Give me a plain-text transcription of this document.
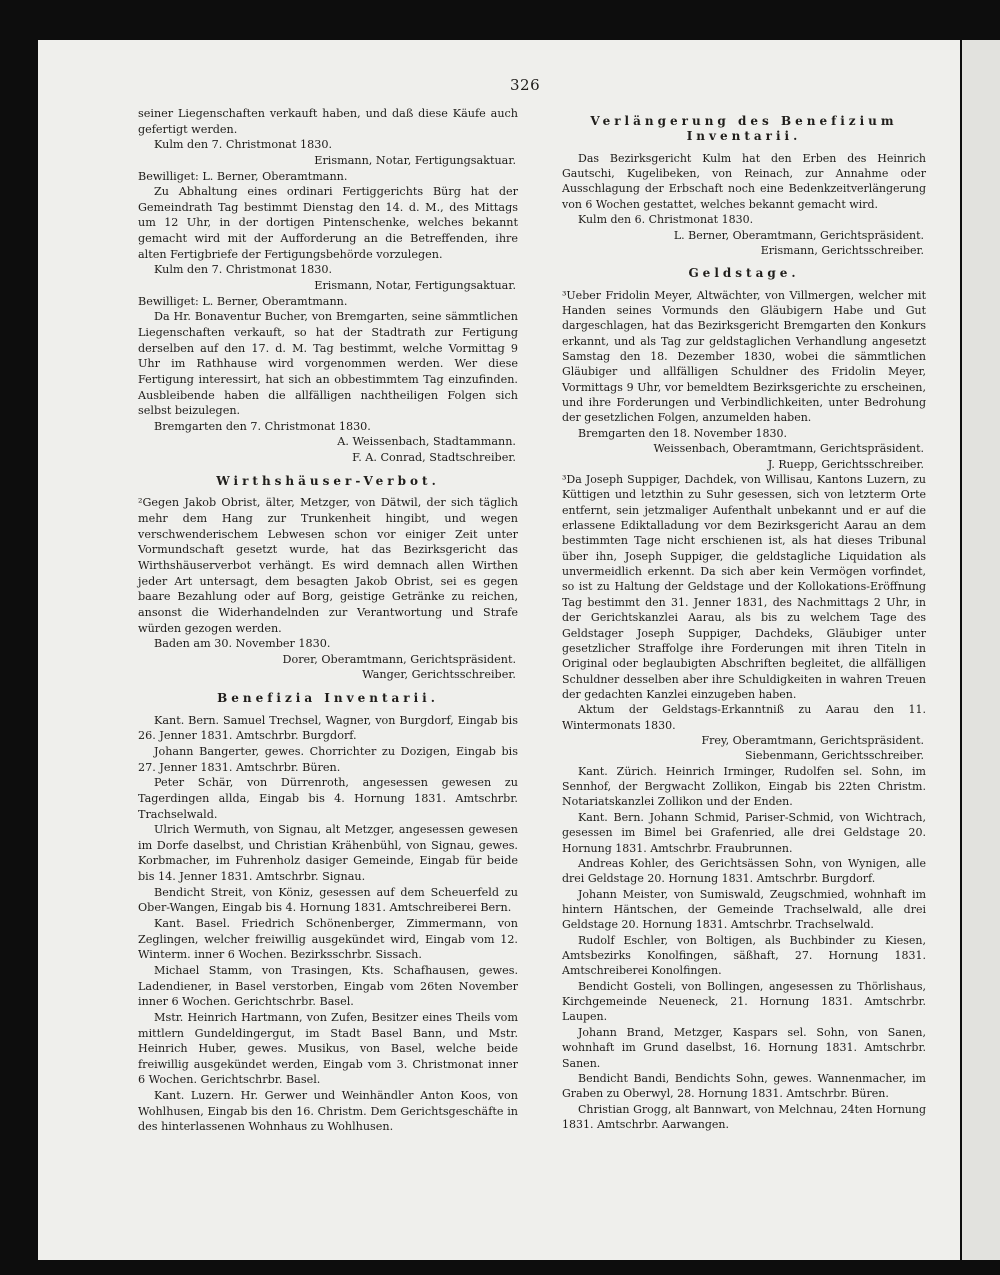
326

seiner Liegenschaften verkauft haben, und daß diese Käufe auch gefertigt werden.

Kulm den 7. Christmonat 1830.

Erismann, Notar, Fertigungsaktuar.

Bewilliget: L. Berner, Oberamtmann.

Zu Abhaltung eines ordinari Fertiggerichts Bürg hat der Gemeindrath Tag bestimmt Dienstag den 14. d. M., des Mittags um 12 Uhr, in der dortigen Pintenschenke, welches bekannt gemacht wird mit der Aufforderung an die Betreffenden, ihre alten Fertigbriefe der Fertigungsbehörde vorzulegen.

Kulm den 7. Christmonat 1830.

Erismann, Notar, Fertigungsaktuar.

Bewilliget: L. Berner, Oberamtmann.

Da Hr. Bonaventur Bucher, von Bremgarten, seine sämmtlichen Liegenschaften verkauft, so hat der Stadtrath zur Fertigung derselben auf den 17. d. M. Tag bestimmt, welche Vormittag 9 Uhr im Rathhause wird vorgenommen werden. Wer diese Fertigung interessirt, hat sich an obbestimmtem Tag einzufinden. Ausbleibende haben die allfälligen nachtheiligen Folgen sich selbst beizulegen.

Bremgarten den 7. Christmonat 1830.

A. Weissenbach, Stadtammann.

F. A. Conrad, Stadtschreiber.

Wirthshäuser-Verbot.

²Gegen Jakob Obrist, älter, Metzger, von Dätwil, der sich täglich mehr dem Hang zur Trunkenheit hingibt, und wegen verschwenderischem Lebwesen schon vor einiger Zeit unter Vormundschaft gesetzt wurde, hat das Bezirksgericht das Wirthshäuserverbot verhängt. Es wird demnach allen Wirthen jeder Art untersagt, dem besagten Jakob Obrist, sei es gegen baare Bezahlung oder auf Borg, geistige Getränke zu reichen, ansonst die Widerhandelnden zur Verantwortung und Strafe würden gezogen werden.

Baden am 30. November 1830.

Dorer, Oberamtmann, Gerichtspräsident.

Wanger, Gerichtsschreiber.

Benefizia Inventarii.

Kant. Bern. Samuel Trechsel, Wagner, von Burgdorf, Eingab bis 26. Jenner 1831. Amtschrbr. Burgdorf.

Johann Bangerter, gewes. Chorrichter zu Dozigen, Eingab bis 27. Jenner 1831. Amtschrbr. Büren.

Peter Schär, von Dürrenroth, angesessen gewesen zu Tagerdingen allda, Eingab bis 4. Hornung 1831. Amtschrbr. Trachselwald.

Ulrich Wermuth, von Signau, alt Metzger, angesessen gewesen im Dorfe daselbst, und Christian Krähenbühl, von Signau, gewes. Korbmacher, im Fuhrenholz dasiger Gemeinde, Eingab für beide bis 14. Jenner 1831. Amtschrbr. Signau.

Bendicht Streit, von Köniz, gesessen auf dem Scheuerfeld zu Ober-Wangen, Eingab bis 4. Hornung 1831. Amtschreiberei Bern.

Kant. Basel. Friedrich Schönenberger, Zimmermann, von Zeglingen, welcher freiwillig ausgekündet wird, Eingab vom 12. Winterm. inner 6 Wochen. Bezirksschrbr. Sissach.

Michael Stamm, von Trasingen, Kts. Schafhausen, gewes. Ladendiener, in Basel verstorben, Eingab vom 26ten November inner 6 Wochen. Gerichtschrbr. Basel.

Mstr. Heinrich Hartmann, von Zufen, Besitzer eines Theils vom mittlern Gundeldingergut, im Stadt Basel Bann, und Mstr. Heinrich Huber, gewes. Musikus, von Basel, welche beide freiwillig ausgekündet werden, Eingab vom 3. Christmonat inner 6 Wochen. Gerichtschrbr. Basel.

Kant. Luzern. Hr. Gerwer und Weinhändler Anton Koos, von Wohlhusen, Eingab bis den 16. Christm. Dem Gerichtsgeschäfte in des hinterlassenen Wohnhaus zu Wohlhusen.

Verlängerung des Benefizium Inventarii.

Das Bezirksgericht Kulm hat den Erben des Heinrich Gautschi, Kugelibeken, von Reinach, zur Annahme oder Ausschlagung der Erbschaft noch eine Bedenkzeitverlängerung von 6 Wochen gestattet, welches bekannt gemacht wird.

Kulm den 6. Christmonat 1830.

L. Berner, Oberamtmann, Gerichtspräsident.

Erismann, Gerichtsschreiber.

Geldstage.

³Ueber Fridolin Meyer, Altwächter, von Villmergen, welcher mit Handen seines Vormunds den Gläubigern Habe und Gut dargeschlagen, hat das Bezirksgericht Bremgarten den Konkurs erkannt, und als Tag zur geldstaglichen Verhandlung angesetzt Samstag den 18. Dezember 1830, wobei die sämmtlichen Gläubiger und allfälligen Schuldner des Fridolin Meyer, Vormittags 9 Uhr, vor bemeldtem Bezirksgerichte zu erscheinen, und ihre Forderungen und Verbindlichkeiten, unter Bedrohung der gesetzlichen Folgen, anzumelden haben.

Bremgarten den 18. November 1830.

Weissenbach, Oberamtmann, Gerichtspräsident.

J. Ruepp, Gerichtsschreiber.

³Da Joseph Suppiger, Dachdek, von Willisau, Kantons Luzern, zu Küttigen und letzthin zu Suhr gesessen, sich von letzterm Orte entfernt, sein jetzmaliger Aufenthalt unbekannt und er auf die erlassene Ediktalladung vor dem Bezirksgericht Aarau an dem bestimmten Tage nicht erschienen ist, als hat dieses Tribunal über ihn, Joseph Suppiger, die geldstagliche Liquidation als unvermeidlich erkennt. Da sich aber kein Vermögen vorfindet, so ist zu Haltung der Geldstage und der Kollokations-Eröffnung Tag bestimmt den 31. Jenner 1831, des Nachmittags 2 Uhr, in der Gerichtskanzlei Aarau, als bis zu welchem Tage des Geldstager Joseph Suppiger, Dachdeks, Gläubiger unter gesetzlicher Straffolge ihre Forderungen mit ihren Titeln in Original oder beglaubigten Abschriften begleitet, die allfälligen Schuldner desselben aber ihre Schuldigkeiten in wahren Treuen der gedachten Kanzlei einzugeben haben.

Aktum der Geldstags-Erkanntniß zu Aarau den 11. Wintermonats 1830.

Frey, Oberamtmann, Gerichtspräsident.

Siebenmann, Gerichtsschreiber.

Kant. Zürich. Heinrich Irminger, Rudolfen sel. Sohn, im Sennhof, der Bergwacht Zollikon, Eingab bis 22ten Christm. Notariatskanzlei Zollikon und der Enden.

Kant. Bern. Johann Schmid, Pariser-Schmid, von Wichtrach, gesessen im Bimel bei Grafenried, alle drei Geldstage 20. Hornung 1831. Amtschrbr. Fraubrunnen.

Andreas Kohler, des Gerichtsässen Sohn, von Wynigen, alle drei Geldstage 20. Hornung 1831. Amtschrbr. Burgdorf.

Johann Meister, von Sumiswald, Zeugschmied, wohnhaft im hintern Häntschen, der Gemeinde Trachselwald, alle drei Geldstage 20. Hornung 1831. Amtschrbr. Trachselwald.

Rudolf Eschler, von Boltigen, als Buchbinder zu Kiesen, Amtsbezirks Konolfingen, säßhaft, 27. Hornung 1831. Amtschreiberei Konolfingen.

Bendicht Gosteli, von Bollingen, angesessen zu Thörlishaus, Kirchgemeinde Neueneck, 21. Hornung 1831. Amtschrbr. Laupen.

Johann Brand, Metzger, Kaspars sel. Sohn, von Sanen, wohnhaft im Grund daselbst, 16. Hornung 1831. Amtschrbr. Sanen.

Bendicht Bandi, Bendichts Sohn, gewes. Wannenmacher, im Graben zu Oberwyl, 28. Hornung 1831. Amtschrbr. Büren.

Christian Grogg, alt Bannwart, von Melchnau, 24ten Hornung 1831. Amtschrbr. Aarwangen.
